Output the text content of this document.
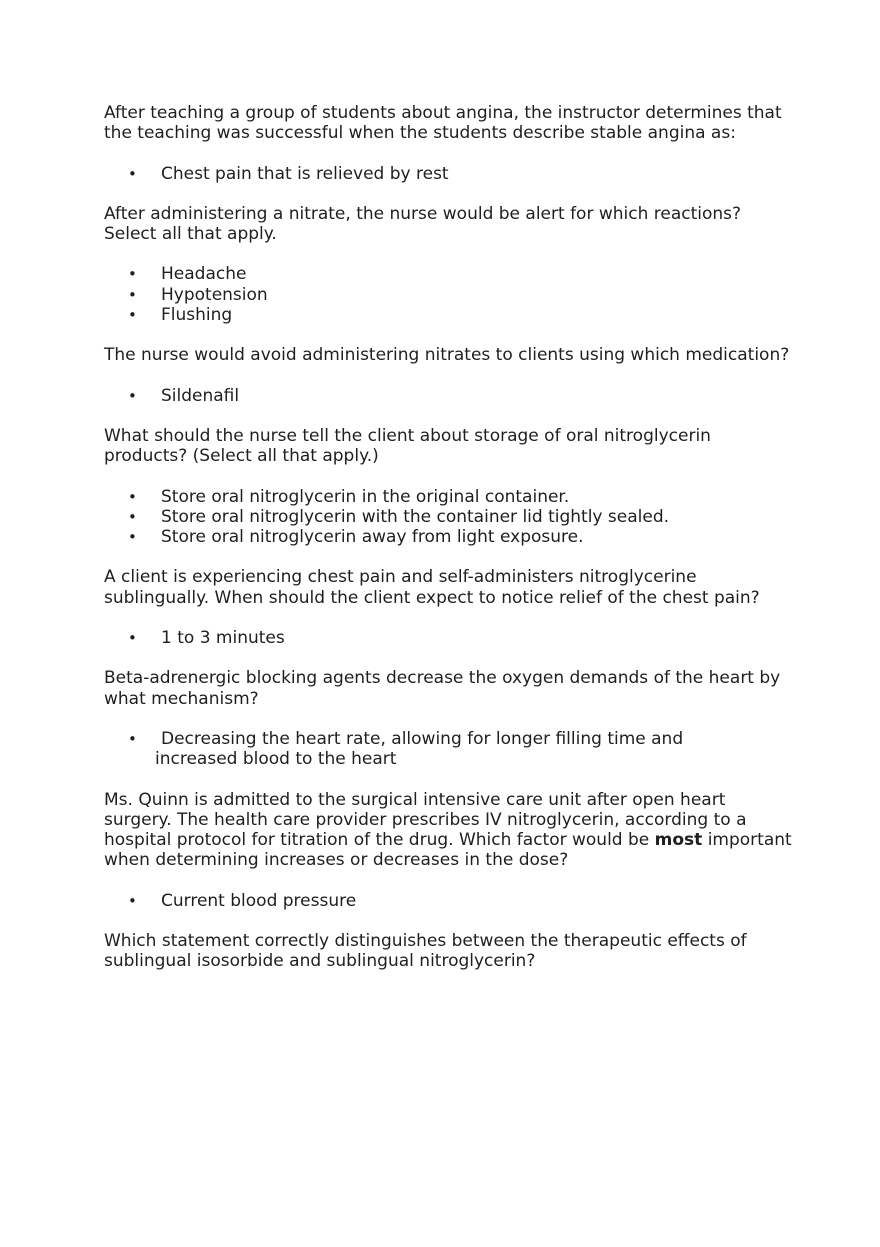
After teaching a group of students about angina, the instructor determines that the teaching was successful when the students describe stable angina as:

• Chest pain that is relieved by rest

After administering a nitrate, the nurse would be alert for which reactions? Select all that apply.

• Headache
• Hypotension
• Flushing

The nurse would avoid administering nitrates to clients using which medication?

• Sildenafil

What should the nurse tell the client about storage of oral nitroglycerin products? (Select all that apply.)

• Store oral nitroglycerin in the original container.
• Store oral nitroglycerin with the container lid tightly sealed.
• Store oral nitroglycerin away from light exposure.

A client is experiencing chest pain and self-administers nitroglycerine sublingually. When should the client expect to notice relief of the chest pain?

• 1 to 3 minutes

Beta-adrenergic blocking agents decrease the oxygen demands of the heart by what mechanism?

• Decreasing the heart rate, allowing for longer filling time and
increased blood to the heart

Ms. Quinn is admitted to the surgical intensive care unit after open heart surgery. The health care provider prescribes IV nitroglycerin, according to a hospital protocol for titration of the drug. Which factor would be most important when determining increases or decreases in the dose?

• Current blood pressure

Which statement correctly distinguishes between the therapeutic effects of sublingual isosorbide and sublingual nitroglycerin?
